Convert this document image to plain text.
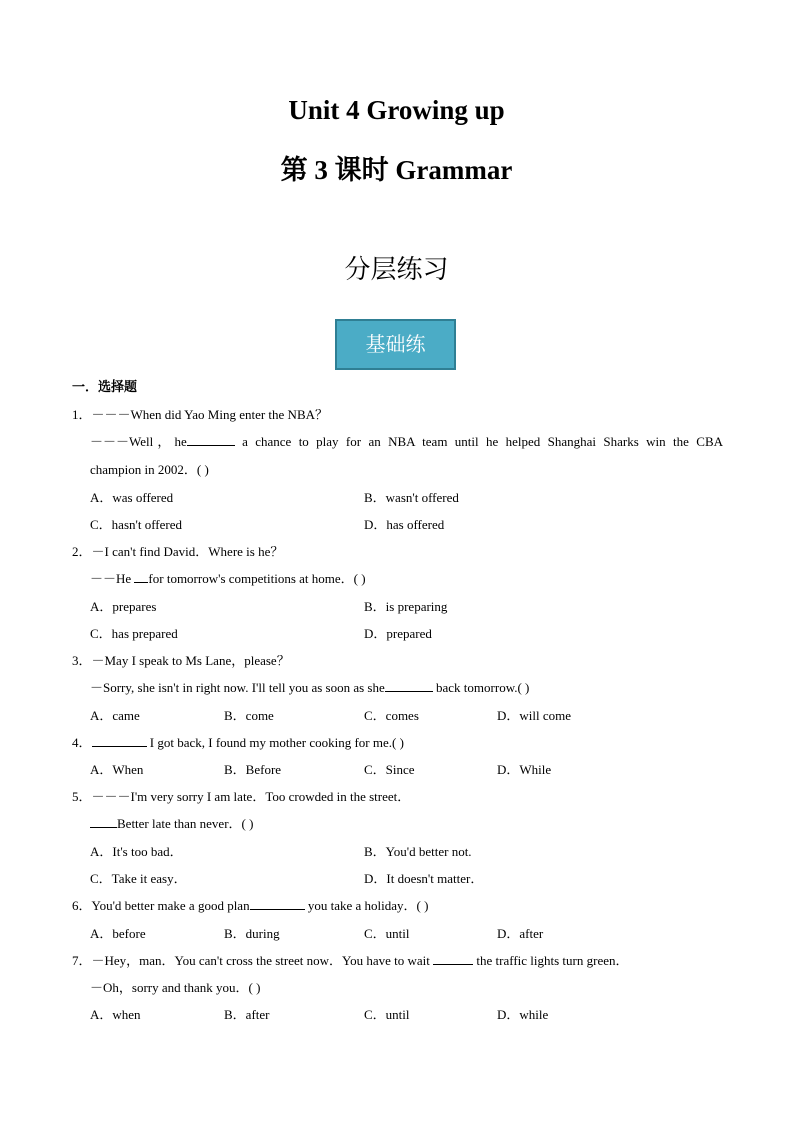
Unit 4 Growing up
第 3 课时 Grammar
分层练习
基础练
一．选择题
1．－－－When did Yao Ming enter the NBA？
－－－Well，he	a chance to play for an NBA team until he helped Shanghai Sharks win the CBA
champion in 2002．( )
A．was offered	B．wasn't offered
C．hasn't offered	D．has offered
2．－I can't find David．Where is he？
－－He for tomorrow's competitions at home．( )
A．prepares	B．is preparing
C．has prepared	D．prepared
3．－May I speak to Ms Lane，please？
－Sorry, she isn't in right now. I'll tell you as soon as she	back tomorrow.( )
A．came	B．come	C．comes	D．will come
4．	I got back, I found my mother cooking for me.( )
A．When	B．Before	C．Since	D．While
5．－－－I'm very sorry I am late．Too crowded in the street．
Better late than never．( )
A．It's too bad．	B．You'd better not.
C．Take it easy．	D．It doesn't matter．
6．You'd better make a good plan	you take a holiday．( )
A．before	B．during	C．until	D．after
7．－Hey，man．You can't cross the street now．You have to wait	the traffic lights turn green．
－Oh，sorry and thank you．( )
A．when	B．after	C．until	D．while
